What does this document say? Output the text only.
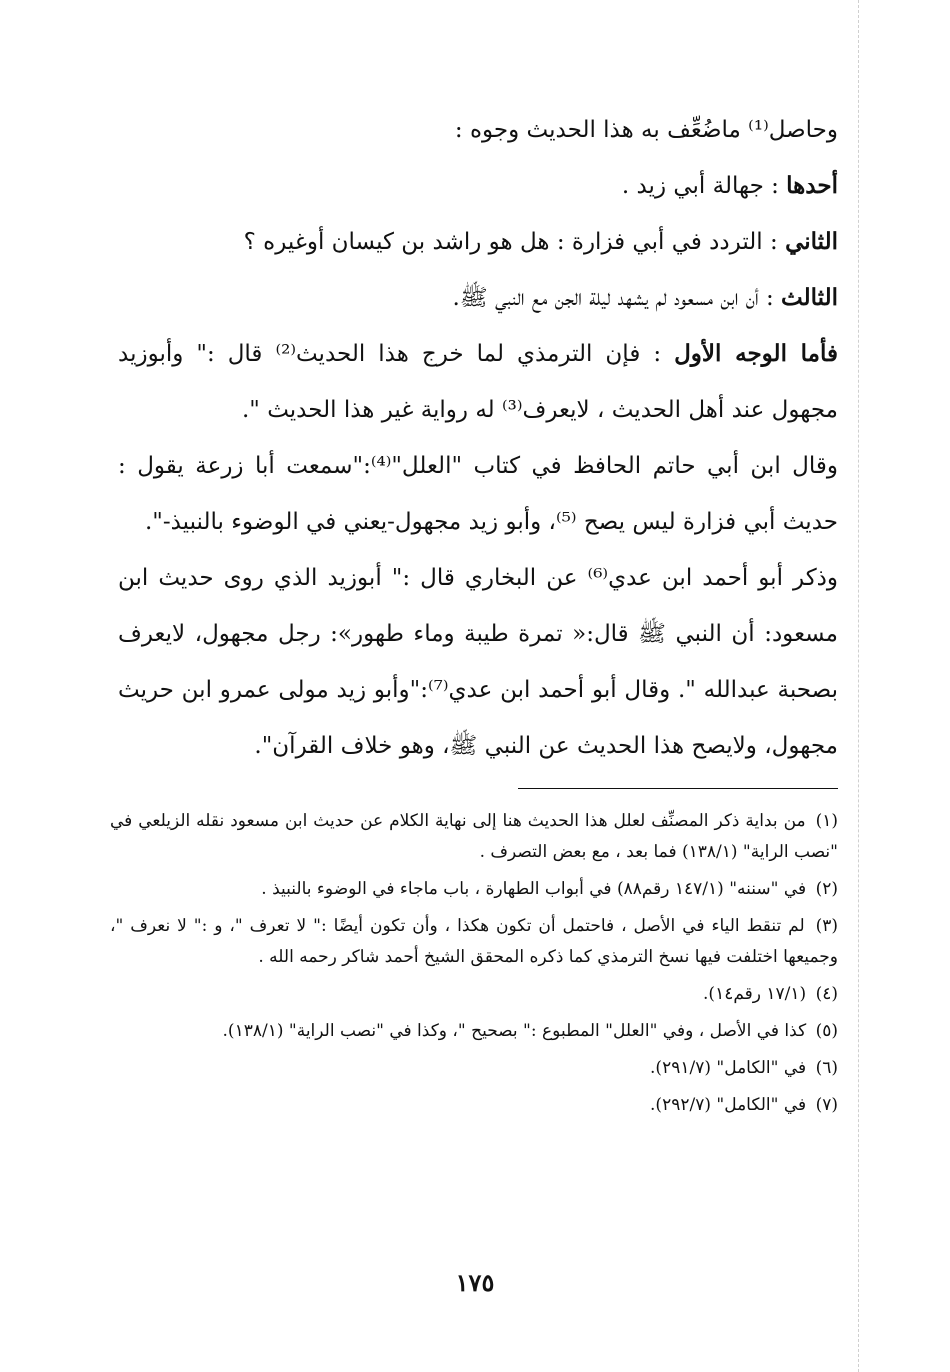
وحاصل⁽¹⁾ ماضُعِّف به هذا الحديث وجوه :

أحدها : جهالة أبي زيد .

الثاني : التردد في أبي فزارة : هل هو راشد بن كيسان أوغيره ؟

الثالث : أن ابن مسعود لم يشهد ليلة الجن مع النبي ﷺ.

فأما الوجه الأول : فإن الترمذي لما خرج هذا الحديث⁽²⁾ قال :" وأبوزيد مجهول عند أهل الحديث ، لايعرف⁽³⁾ له رواية غير هذا الحديث ".

وقال ابن أبي حاتم الحافظ في كتاب "العلل"⁽⁴⁾:"سمعت أبا زرعة يقول : حديث أبي فزارة ليس يصح ⁽⁵⁾، وأبو زيد مجهول-يعني في الوضوء بالنبيذ-".

وذكر أبو أحمد ابن عدي⁽⁶⁾ عن البخاري قال :" أبوزيد الذي روى حديث ابن مسعود: أن النبي ﷺ قال:« تمرة طيبة وماء طهور»: رجل مجهول، لايعرف بصحبة عبدالله ". وقال أبو أحمد ابن عدي⁽⁷⁾:"وأبو زيد مولى عمرو ابن حريث مجهول، ولايصح هذا الحديث عن النبي ﷺ، وهو خلاف القرآن".

(١) من بداية ذكر المصنِّف لعلل هذا الحديث هنا إلى نهاية الكلام عن حديث ابن مسعود نقله الزيلعي في "نصب الراية" (١٣٨/١) فما بعد ، مع بعض التصرف .

(٢) في "سننه" (١٤٧/١ رقم٨٨) في أبواب الطهارة ، باب ماجاء في الوضوء بالنبيذ .

(٣) لم تنقط الياء في الأصل ، فاحتمل أن تكون هكذا ، وأن تكون أيضًا :" لا تعرف "، و :" لا نعرف "، وجميعها اختلفت فيها نسخ الترمذي كما ذكره المحقق الشيخ أحمد شاكر رحمه الله .

(٤) (١٧/١ رقم١٤).

(٥) كذا في الأصل ، وفي "العلل" المطبوع :" بصحيح "، وكذا في "نصب الراية" (١٣٨/١).

(٦) في "الكامل" (٢٩١/٧).

(٧) في "الكامل" (٢٩٢/٧).

١٧٥
